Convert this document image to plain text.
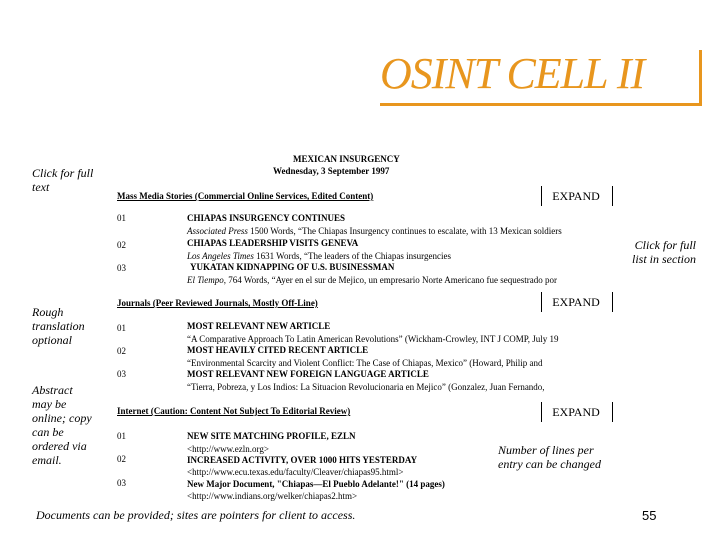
OSINT CELL II
Click for full text
Rough translation optional
Abstract may be online; copy can be ordered via email.
Click for full list in section
Number of lines per entry can be changed
MEXICAN INSURGENCY
Wednesday, 3 September 1997
Mass Media Stories (Commercial Online Services, Edited Content)	EXPAND
01	CHIAPAS INSURGENCY CONTINUES
Associated Press 1500 Words, “The Chiapas Insurgency continues to escalate, with 13 Mexican soldiers
02	CHIAPAS LEADERSHIP VISITS GENEVA
Los Angeles Times 1631 Words, “The leaders of the Chiapas insurgencies
03	YUKATAN KIDNAPPING OF U.S. BUSINESSMAN
El Tiempo, 764 Words, “Ayer en el sur de Mejico, un empresario Norte Americano fue sequestrado por
Journals (Peer Reviewed Journals, Mostly Off-Line)	EXPAND
01	MOST RELEVANT NEW ARTICLE
“A Comparative Approach To Latin American Revolutions” (Wickham-Crowley, INT J COMP, July 19
02	MOST HEAVILY CITED RECENT ARTICLE
“Environmental Scarcity and Violent Conflict: The Case of Chiapas, Mexico” (Howard, Philip and
03	MOST RELEVANT NEW FOREIGN LANGUAGE ARTICLE
“Tierra, Pobreza, y Los Indios: La Situacion Revolucionaria en Mejico” (Gonzalez, Juan Fernando,
Internet (Caution: Content Not Subject To Editorial Review)	EXPAND
01	NEW SITE MATCHING PROFILE, EZLN
<http://www.ezln.org>
02	INCREASED ACTIVITY, OVER 1000 HITS YESTERDAY
<http://www.ecu.texas.edu/faculty/Cleaver/chiapas95.html>
03	New Major Document, "Chiapas—El Pueblo Adelante!" (14 pages)
<http://www.indians.org/welker/chiapas2.htm>
Documents can be provided; sites are pointers for client to access.	55
